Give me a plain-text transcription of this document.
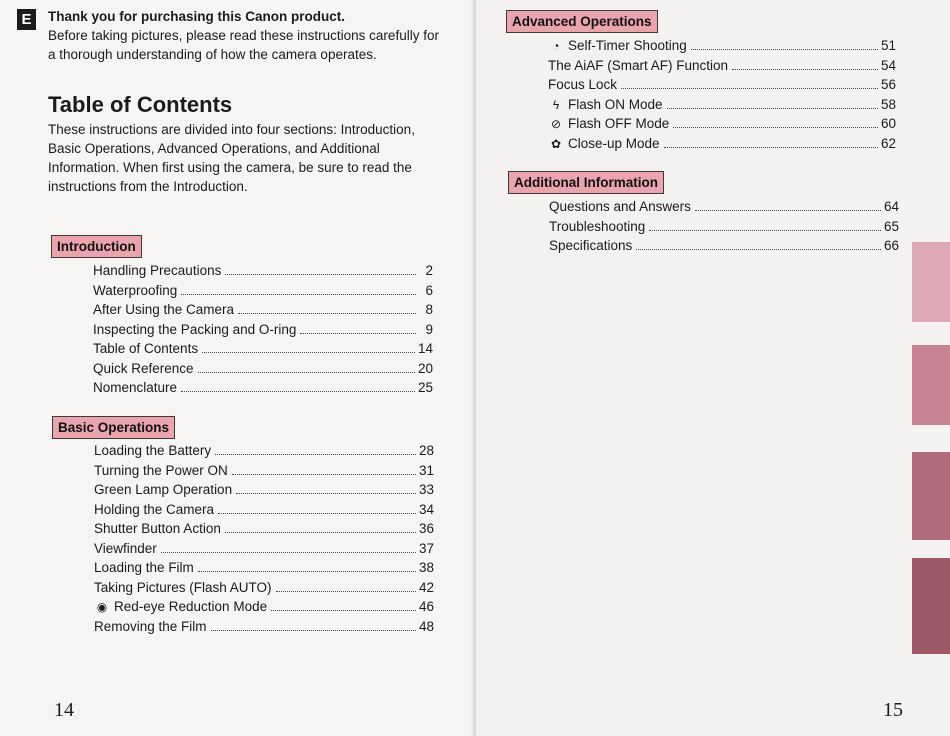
E	Thank you for purchasing this Canon product.
Before taking pictures, please read these instructions carefully for a thorough understanding of how the camera operates.
Table of Contents
These instructions are divided into four sections: Introduction, Basic Operations, Advanced Operations, and Additional Information. When first using the camera, be sure to read the instructions from the Introduction.
Introduction
Handling Precautions	2
Waterproofing	6
After Using the Camera	8
Inspecting the Packing and O-ring	9
Table of Contents	14
Quick Reference	20
Nomenclature	25
Basic Operations
Loading the Battery	28
Turning the Power ON	31
Green Lamp Operation	33
Holding the Camera	34
Shutter Button Action	36
Viewfinder	37
Loading the Film	38
Taking Pictures (Flash AUTO)	42
◉ Red-eye Reduction Mode	46
Removing the Film	48
14
Advanced Operations
◔ Self-Timer Shooting	51
The AiAF (Smart AF) Function	54
Focus Lock	56
ϟ Flash ON Mode	58
⊘ Flash OFF Mode	60
✿ Close-up Mode	62
Additional Information
Questions and Answers	64
Troubleshooting	65
Specifications	66
15
